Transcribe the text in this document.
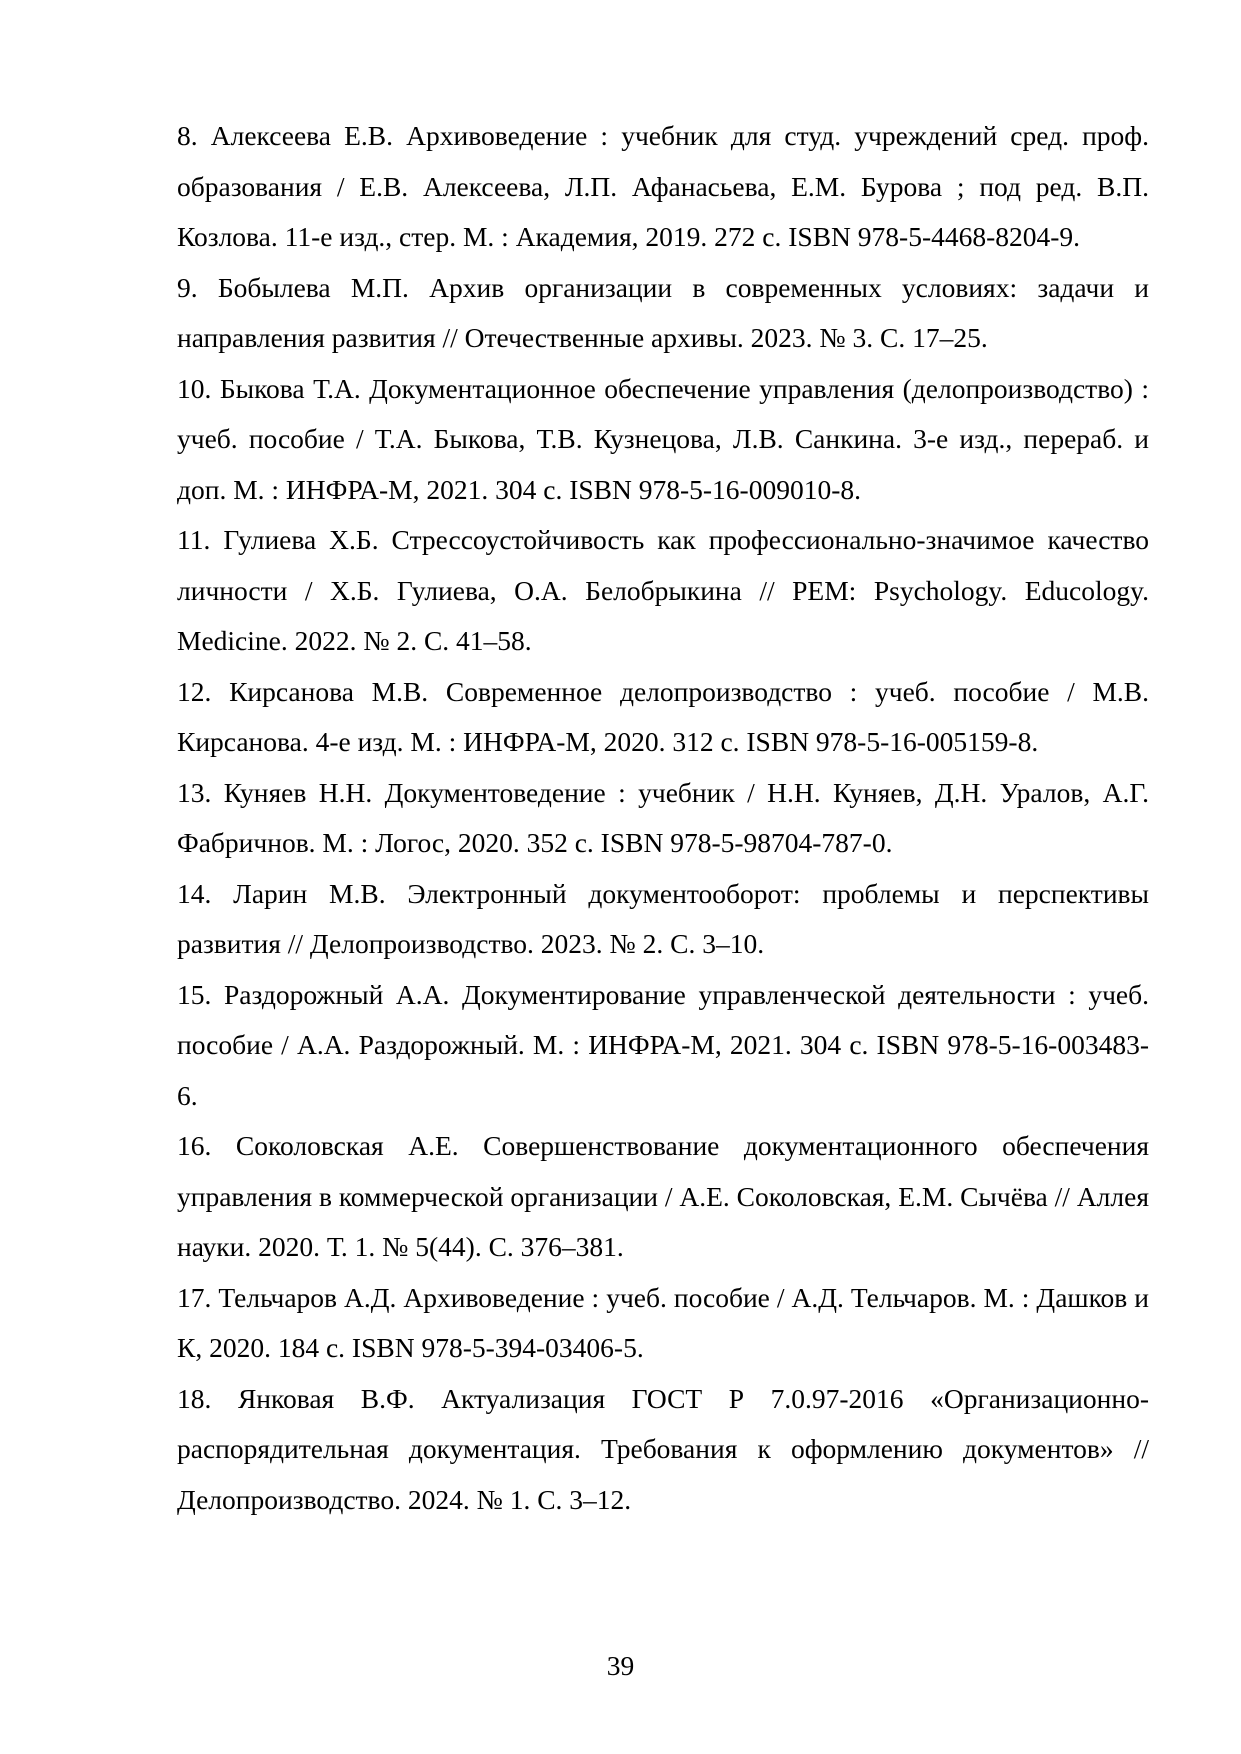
8. Алексеева Е.В. Архивоведение : учебник для студ. учреждений сред. проф. образования / Е.В. Алексеева, Л.П. Афанасьева, Е.М. Бурова ; под ред. В.П. Козлова. 11-е изд., стер. М. : Академия, 2019. 272 с. ISBN 978-5-4468-8204-9.
9. Бобылева М.П. Архив организации в современных условиях: задачи и направления развития // Отечественные архивы. 2023. № 3. С. 17–25.
10. Быкова Т.А. Документационное обеспечение управления (делопроизводство) : учеб. пособие / Т.А. Быкова, Т.В. Кузнецова, Л.В. Санкина. 3-е изд., перераб. и доп. М. : ИНФРА-М, 2021. 304 с. ISBN 978-5-16-009010-8.
11. Гулиева Х.Б. Стрессоустойчивость как профессионально-значимое качество личности / Х.Б. Гулиева, О.А. Белобрыкина // PEM: Psychology. Educology. Medicine. 2022. № 2. С. 41–58.
12. Кирсанова М.В. Современное делопроизводство : учеб. пособие / М.В. Кирсанова. 4-е изд. М. : ИНФРА-М, 2020. 312 с. ISBN 978-5-16-005159-8.
13. Куняев Н.Н. Документоведение : учебник / Н.Н. Куняев, Д.Н. Уралов, А.Г. Фабричнов. М. : Логос, 2020. 352 с. ISBN 978-5-98704-787-0.
14. Ларин М.В. Электронный документооборот: проблемы и перспективы развития // Делопроизводство. 2023. № 2. С. 3–10.
15. Раздорожный А.А. Документирование управленческой деятельности : учеб. пособие / А.А. Раздорожный. М. : ИНФРА-М, 2021. 304 с. ISBN 978-5-16-003483-6.
16. Соколовская А.Е. Совершенствование документационного обеспечения управления в коммерческой организации / А.Е. Соколовская, Е.М. Сычёва // Аллея науки. 2020. Т. 1. № 5(44). С. 376–381.
17. Тельчаров А.Д. Архивоведение : учеб. пособие / А.Д. Тельчаров. М. : Дашков и К, 2020. 184 с. ISBN 978-5-394-03406-5.
18. Янковая В.Ф. Актуализация ГОСТ Р 7.0.97-2016 «Организационно-распорядительная документация. Требования к оформлению документов» // Делопроизводство. 2024. № 1. С. 3–12.
39
